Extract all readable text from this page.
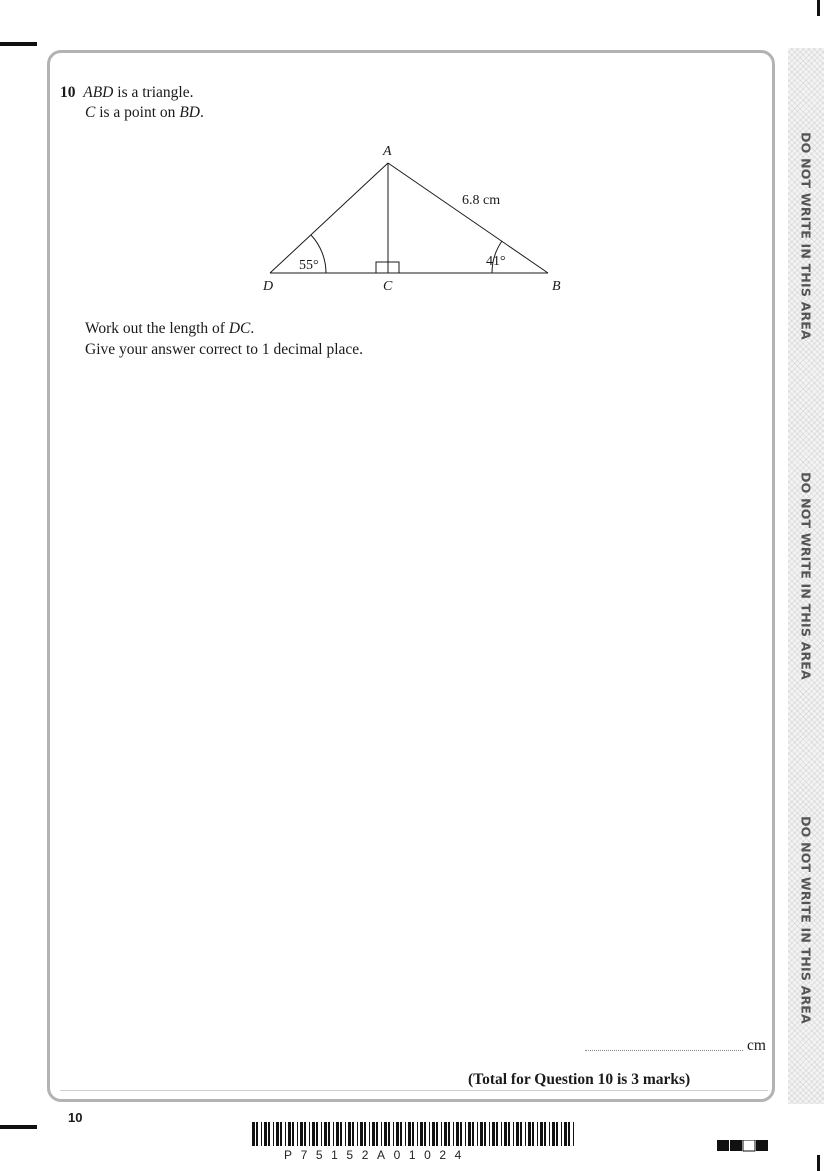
DO NOT WRITE IN THIS AREA
DO NOT WRITE IN THIS AREA
DO NOT WRITE IN THIS AREA
10 ABD is a triangle.
C is a point on BD.
A
D	C	B
55°	41°
6.8 cm
Work out the length of DC.
Give your answer correct to 1 decimal place.
cm
(Total for Question 10 is 3 marks)
10
P75152A01024
